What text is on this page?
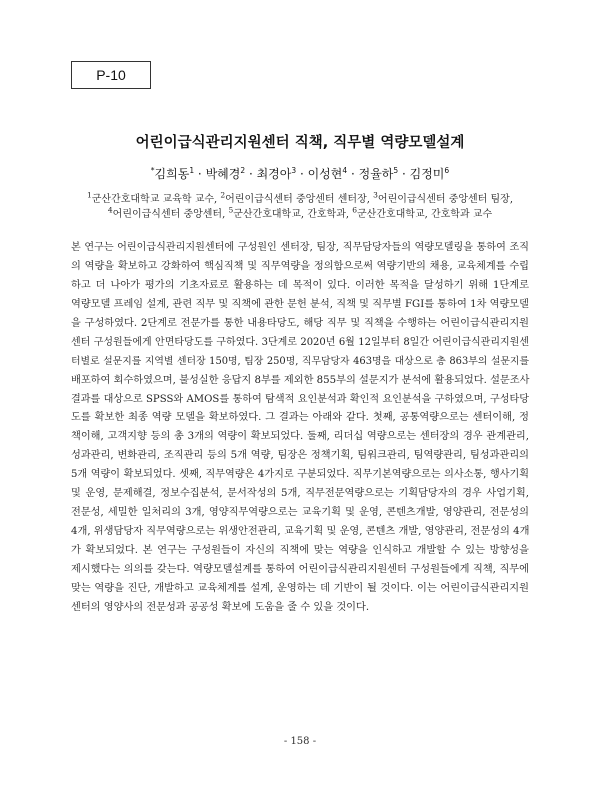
P-10
어린이급식관리지원센터 직책, 직무별 역량모델설계
*김희동$^1$ · 박혜경$^2$ · 최경아$^3$ · 이성현$^4$ · 정율하$^5$ · 김정미$^6$
$^1$군산간호대학교 교육학 교수, $^2$어린이급식센터 중앙센터 센터장, $^3$어린이급식센터 중앙센터 팀장,
$^4$어린이급식센터 중앙센터, $^5$군산간호대학교, 간호학과, $^6$군산간호대학교, 간호학과 교수
본 연구는 어린이급식관리지원센터에 구성원인 센터장, 팀장, 직무담당자들의 역량모델링을 통하여 조직
의 역량을 확보하고 강화하여 핵심직책 및 직무역량을 정의함으로써 역량기반의 채용, 교육체계를 수립
하고 더 나아가 평가의 기초자료로 활용하는 데 목적이 있다. 이러한 목적을 달성하기 위해 1단계로
역량모델 프레임 설계, 관련 직무 및 직책에 관한 문헌 분석, 직책 및 직무별 FGI를 통하여 1차 역량모델
을 구성하였다. 2단계로 전문가를 통한 내용타당도, 해당 직무 및 직책을 수행하는 어린이급식관리지원
센터 구성원들에게 안면타당도를 구하였다. 3단계로 2020년 6월 12일부터 8일간 어린이급식관리지원센
터별로 설문지를 지역별 센터장 150명, 팀장 250명, 직무담당자 463명을 대상으로 총 863부의 설문지를
배포하여 회수하였으며, 불성실한 응답지 8부를 제외한 855부의 설문지가 분석에 활용되었다. 설문조사
결과를 대상으로 SPSS와 AMOS를 통하여 탐색적 요인분석과 확인적 요인분석을 구하였으며, 구성타당
도를 확보한 최종 역량 모델을 확보하였다. 그 결과는 아래와 같다. 첫째, 공통역량으로는 센터이해, 정
책이해, 고객지향 등의 총 3개의 역량이 확보되었다. 둘째, 리더십 역량으로는 센터장의 경우 관계관리,
성과관리, 변화관리, 조직관리 등의 5개 역량, 팀장은 정책기획, 팀워크관리, 팀역량관리, 팀성과관리의
5개 역량이 확보되었다. 셋째, 직무역량은 4가지로 구분되었다. 직무기본역량으로는 의사소통, 행사기획
및 운영, 문제해결, 정보수집분석, 문서작성의 5개, 직무전문역량으로는 기획담당자의 경우 사업기획,
전문성, 세밀한 일처리의 3개, 영양직무역량으로는 교육기획 및 운영, 콘텐츠개발, 영양관리, 전문성의
4개, 위생담당자 직무역량으로는 위생안전관리, 교육기획 및 운영, 콘텐츠 개발, 영양관리, 전문성의 4개
가 확보되었다. 본 연구는 구성원들이 자신의 직책에 맞는 역량을 인식하고 개발할 수 있는 방향성을
제시했다는 의의를 갖는다. 역량모델설계를 통하여 어린이급식관리지원센터 구성원들에게 직책, 직무에
맞는 역량을 진단, 개발하고 교육체계를 설계, 운영하는 데 기반이 될 것이다. 이는 어린이급식관리지원
센터의 영양사의 전문성과 공공성 확보에 도움을 줄 수 있을 것이다.
- 158 -
